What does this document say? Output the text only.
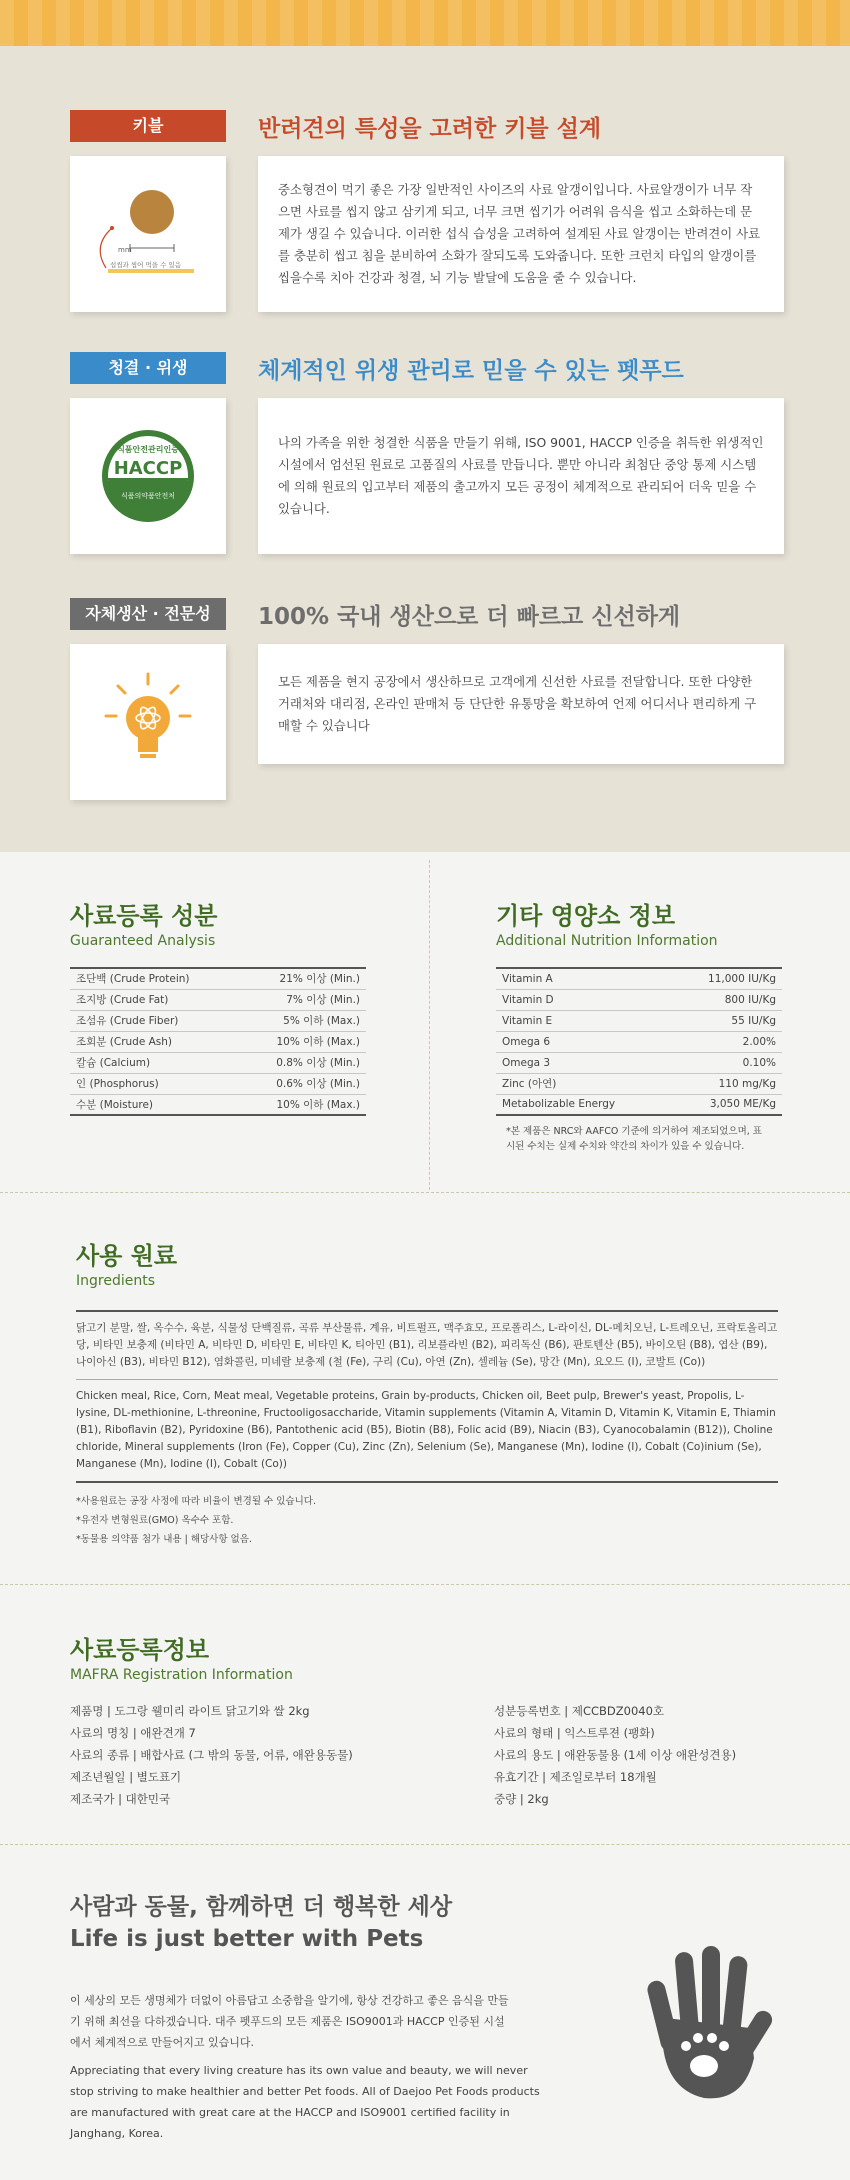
키블	반려견의 특성을 고려한 키블 설계
mm
섭씹과 씹어 먹을 수 있음

중소형견이 먹기 좋은 가장 일반적인 사이즈의 사료 알갱이입니다. 사료알갱이가 너무 작으면 사료를 씹지 않고 삼키게 되고, 너무 크면 씹기가 어려워 음식을 씹고 소화하는데 문제가 생길 수 있습니다. 이러한 섭식 습성을 고려하여 설계된 사료 알갱이는 반려견이 사료를 충분히 씹고 침을 분비하여 소화가 잘되도록 도와줍니다. 또한 크런치 타입의 알갱이를 씹을수록 치아 건강과 청결, 뇌 기능 발달에 도움을 줄 수 있습니다.

청결 · 위생	체계적인 위생 관리로 믿을 수 있는 펫푸드
식품안전관리인증
HACCP
식품의약품안전처

나의 가족을 위한 청결한 식품을 만들기 위해, ISO 9001, HACCP 인증을 취득한 위생적인 시설에서 엄선된 원료로 고품질의 사료를 만듭니다. 뿐만 아니라 최첨단 중앙 통제 시스템에 의해 원료의 입고부터 제품의 출고까지 모든 공정이 체계적으로 관리되어 더욱 믿을 수 있습니다.

자체생산 · 전문성	100% 국내 생산으로 더 빠르고 신선하게

모든 제품을 현지 공장에서 생산하므로 고객에게 신선한 사료를 전달합니다. 또한 다양한 거래처와 대리점, 온라인 판매처 등 단단한 유통망을 확보하여 언제 어디서나 편리하게 구매할 수 있습니다

사료등록 성분
Guaranteed Analysis
조단백 (Crude Protein)	21% 이상 (Min.)
조지방 (Crude Fat)	7% 이상 (Min.)
조섬유 (Crude Fiber)	5% 이하 (Max.)
조회분 (Crude Ash)	10% 이하 (Max.)
칼슘 (Calcium)	0.8% 이상 (Min.)
인 (Phosphorus)	0.6% 이상 (Min.)
수분 (Moisture)	10% 이하 (Max.)
기타 영양소 정보
Additional Nutrition Information
Vitamin A	11,000 IU/Kg
Vitamin D	800 IU/Kg
Vitamin E	55 IU/Kg
Omega 6	2.00%
Omega 3	0.10%
Zinc (아연)	110 mg/Kg
Metabolizable Energy	3,050 ME/Kg
*본 제품은 NRC와 AAFCO 기준에 의거하여 제조되었으며, 표시된 수치는 실제 수치와 약간의 차이가 있을 수 있습니다.
사용 원료
Ingredients

닭고기 분말, 쌀, 옥수수, 육분, 식물성 단백질류, 곡류 부산물류, 계유, 비트펄프, 맥주효모, 프로폴리스, L-라이신, DL-메치오닌, L-트레오닌, 프락토올리고당, 비타민 보충제 (비타민 A, 비타민 D, 비타민 E, 비타민 K, 티아민 (B1), 리보플라빈 (B2), 피리독신 (B6), 판토텐산 (B5), 바이오틴 (B8), 엽산 (B9), 나이아신 (B3), 비타민 B12), 염화콜린, 미네랄 보충제 (철 (Fe), 구리 (Cu), 아연 (Zn), 셀레늄 (Se), 망간 (Mn), 요오드 (I), 코발트 (Co))

Chicken meal, Rice, Corn, Meat meal, Vegetable proteins, Grain by-products, Chicken oil, Beet pulp, Brewer's yeast, Propolis, L-lysine, DL-methionine, L-threonine, Fructooligosaccharide, Vitamin supplements (Vitamin A, Vitamin D, Vitamin K, Vitamin E, Thiamin (B1), Riboflavin (B2), Pyridoxine (B6), Pantothenic acid (B5), Biotin (B8), Folic acid (B9), Niacin (B3), Cyanocobalamin (B12)), Choline chloride, Mineral supplements (Iron (Fe), Copper (Cu), Zinc (Zn), Selenium (Se), Manganese (Mn), Iodine (I), Cobalt (Co)inium (Se), Manganese (Mn), Iodine (I), Cobalt (Co))

*사용원료는 공장 사정에 따라 비율이 변경될 수 있습니다.
*유전자 변형원료(GMO) 옥수수 포함.
*동물용 의약품 첨가 내용 | 해당사항 없음.
사료등록정보
MAFRA Registration Information
제품명 | 도그랑 웰미리 라이트 닭고기와 쌀 2kg
사료의 명칭 | 애완견개 7
사료의 종류 | 배합사료 (그 밖의 동물, 어류, 애완용동물)
제조년월일 | 별도표기
제조국가 | 대한민국
성분등록번호 | 제CCBDZ0040호
사료의 형태 | 익스트루젼 (팽화)
사료의 용도 | 애완동물용 (1세 이상 애완성견용)
유효기간 | 제조일로부터 18개월
중량 | 2kg
사람과 동물, 함께하면 더 행복한 세상
Life is just better with Pets

이 세상의 모든 생명체가 더없이 아름답고 소중함을 알기에, 항상 건강하고 좋은 음식을 만들기 위해 최선을 다하겠습니다. 대주 펫푸드의 모든 제품은 ISO9001과 HACCP 인증된 시설에서 체계적으로 만들어지고 있습니다.

Appreciating that every living creature has its own value and beauty, we will never stop striving to make healthier and better Pet foods. All of Daejoo Pet Foods products are manufactured with great care at the HACCP and ISO9001 certified facility in Janghang, Korea.
